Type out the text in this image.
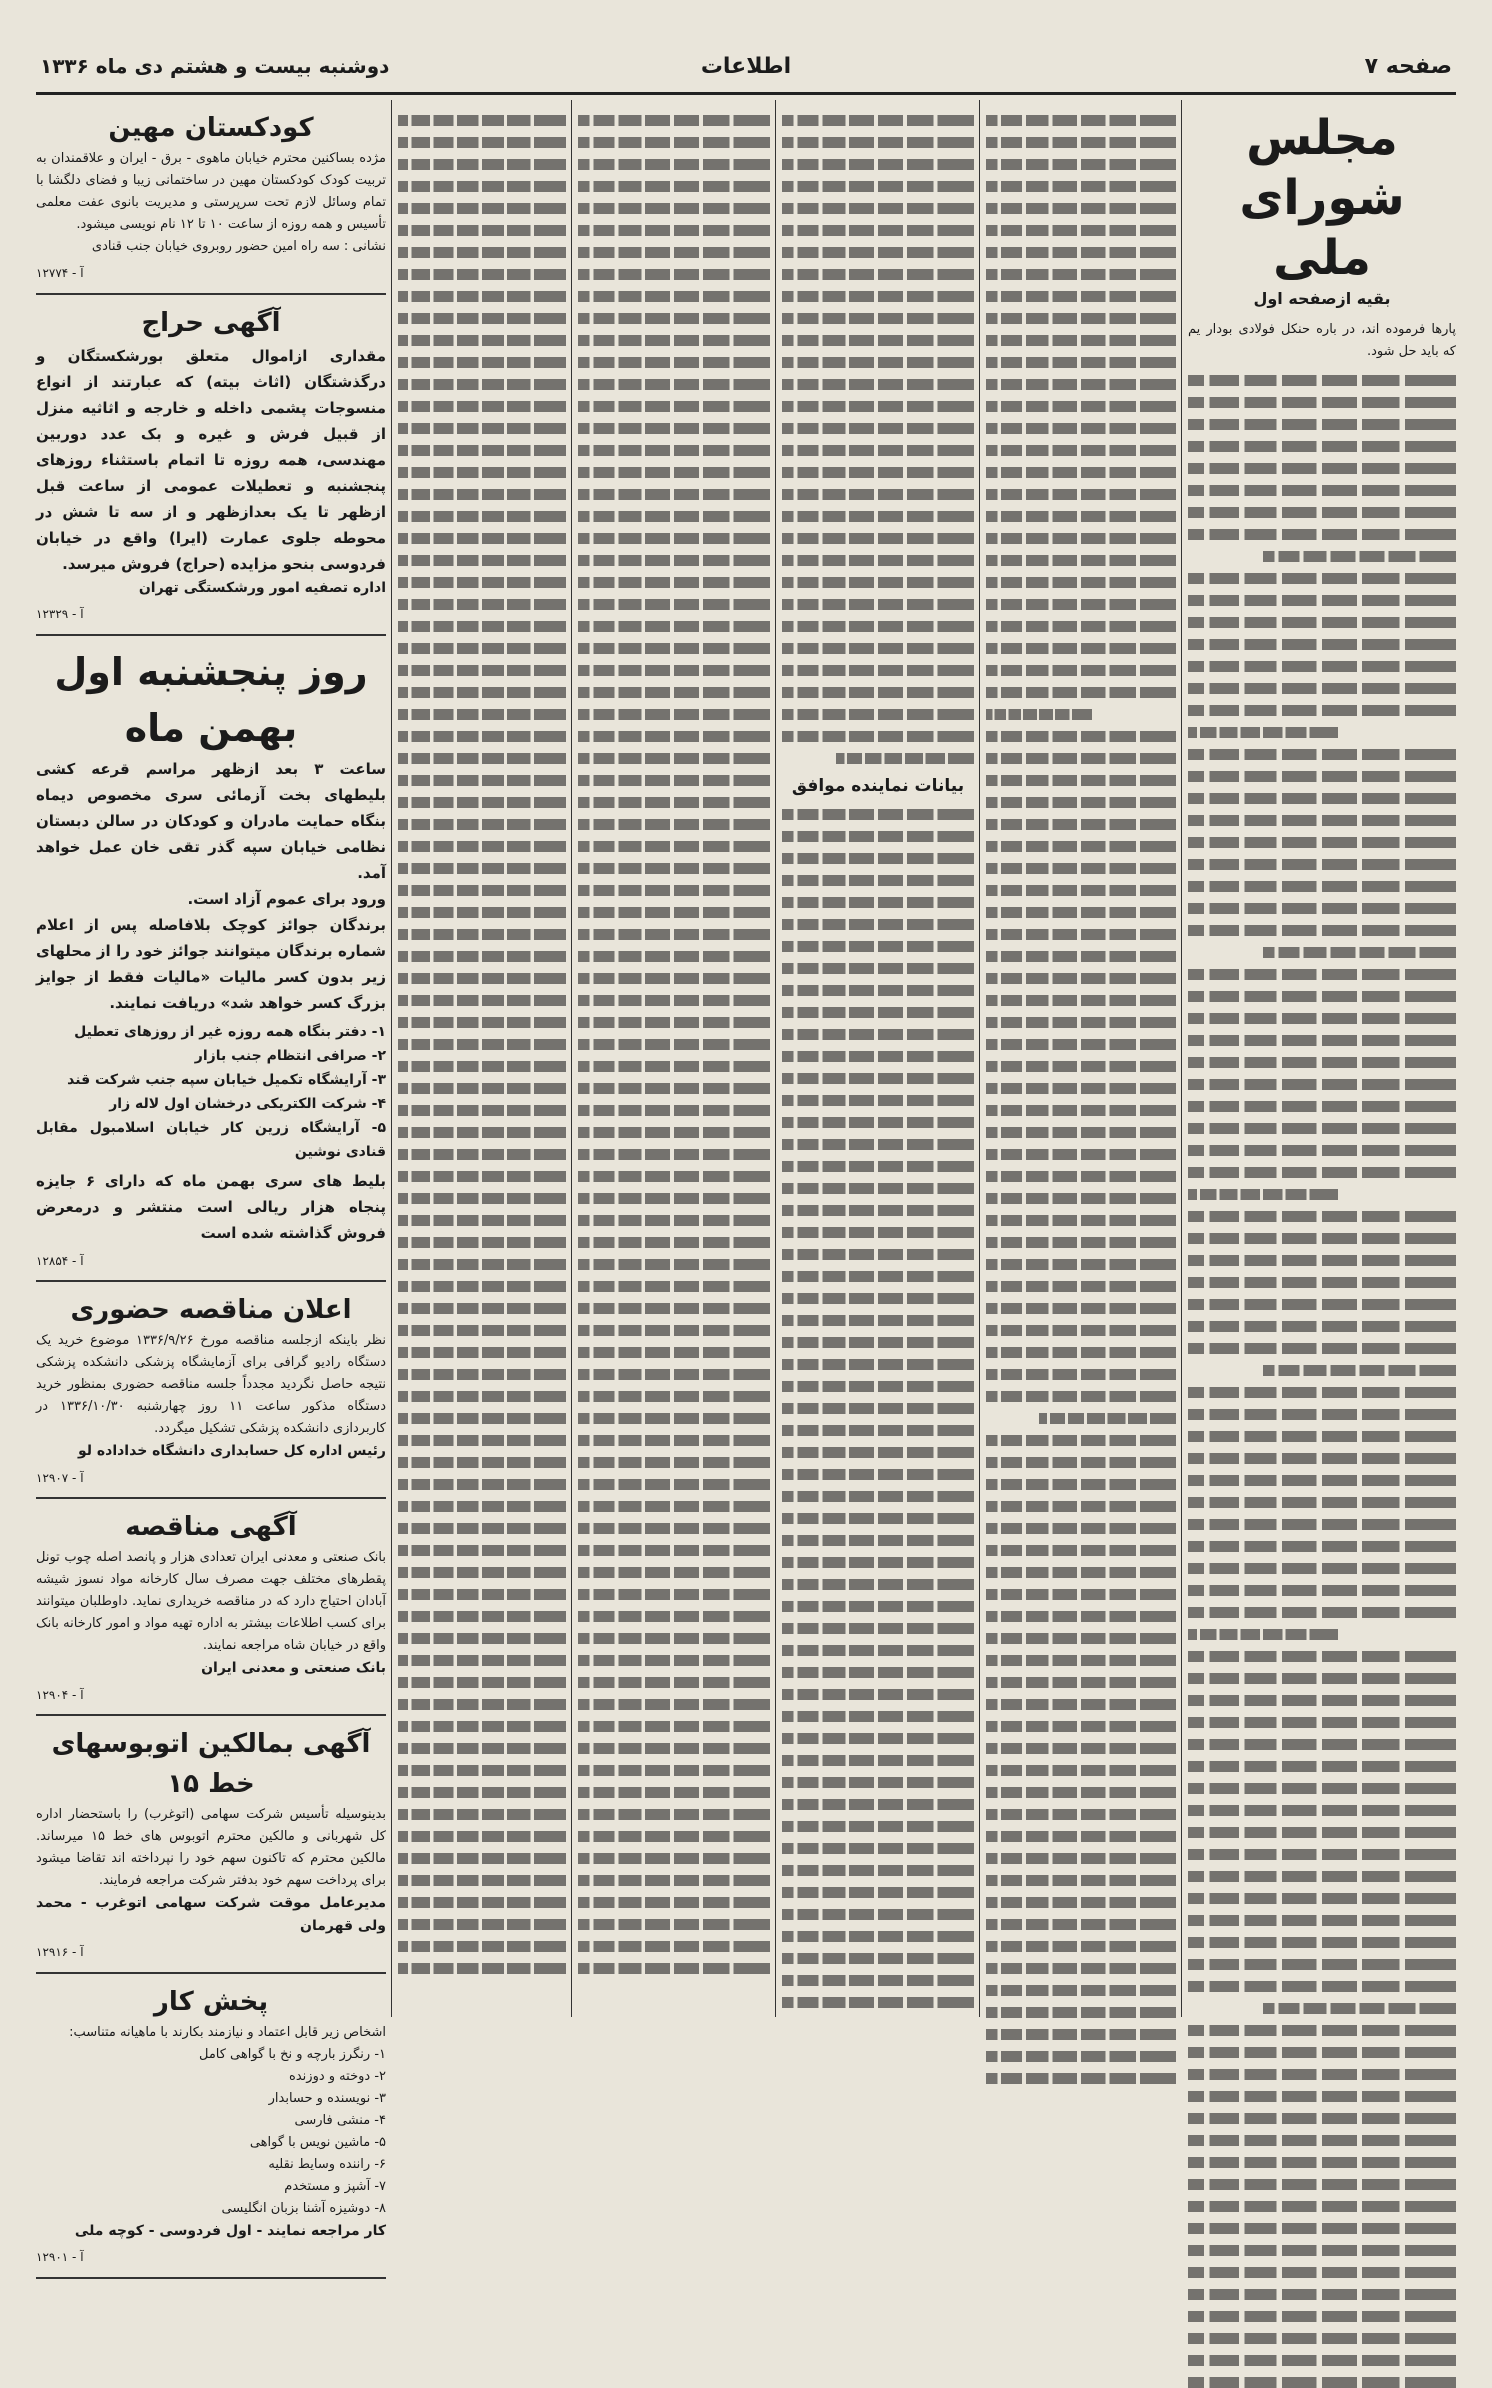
صفحه ۷
اطلاعات
دوشنبه بیست و هشتم دی ماه ۱۳۳۶
مجلس شورای ملی
بقیه ازصفحه اول

پارها فرموده اند، در باره حنکل فولادی بودار یم که باید حل شود.

بیانات نماینده موافق
کودکستان مهین
مژده بساکنین محترم خیابان ماهوی - برق - ایران و علاقمندان به تربیت کودک کودکستان مهین در ساختمانی زیبا و فضای دلگشا با تمام وسائل لازم تحت سرپرستی و مدیریت بانوی عفت معلمی تأسیس و همه روزه از ساعت ۱۰ تا ۱۲ نام نویسی میشود.
نشانی : سه راه امین حضور روبروی خیابان جنب قنادی
آ - ۱۲۷۷۴
آگهی حراج
مقداری ازاموال متعلق بورشکستگان و درگذشتگان (اثاث بیته) که عبارتند از انواع منسوجات پشمی داخله و خارجه و اثاثیه منزل از قبیل فرش و غیره و بک عدد دوربین مهندسی، همه روزه تا اتمام باستثناء روزهای پنجشنبه و تعطیلات عمومی از ساعت قبل ازظهر تا یک بعدازظهر و از سه تا شش در محوطه جلوی عمارت (ایرا) واقع در خیابان فردوسی بنحو مزایده (حراج) فروش میرسد.
اداره تصفیه امور ورشکستگی تهران
آ - ۱۲۳۲۹
روز پنجشنبه اول بهمن ماه
ساعت ۳ بعد ازظهر مراسم قرعه کشی بلیطهای بخت آزمائی سری مخصوص دیماه بنگاه حمایت مادران و کودکان در سالن دبستان نظامی خیابان سپه گذر تقی خان عمل خواهد آمد.
ورود برای عموم آزاد است.
برندگان جوائز کوچک بلافاصله پس از اعلام شماره برندگان میتوانند جوائز خود را از محلهای زیر بدون کسر مالیات «مالیات فقط از جوایز بزرگ کسر خواهد شد» دریافت نمایند.
۱- دفتر بنگاه همه روزه غیر از روزهای تعطیل
۲- صرافی انتظام جنب بازار
۳- آرایشگاه تکمیل خیابان سپه جنب شرکت قند
۴- شرکت الکتریکی درخشان اول لاله زار
۵- آرایشگاه زرین کار خیابان اسلامبول مقابل قنادی نوشین
بلیط های سری بهمن ماه که دارای ۶ جایزه پنجاه هزار ریالی است منتشر و درمعرض فروش گذاشته شده است
آ - ۱۲۸۵۴
اعلان مناقصه حضوری
نظر باینکه ازجلسه مناقصه مورخ ۱۳۳۶/۹/۲۶ موضوع خرید یک دستگاه رادیو گرافی برای آزمایشگاه پزشکی دانشکده پزشکی نتیجه حاصل نگردید مجدداً جلسه مناقصه حضوری بمنظور خرید دستگاه مذکور ساعت ۱۱ روز چهارشنبه ۱۳۳۶/۱۰/۳۰ در کاربردازی دانشکده پزشکی تشکیل میگردد.
رئیس اداره کل حسابداری دانشگاه خداداده لو
آ - ۱۲۹۰۷
آگهی مناقصه
بانک صنعتی و معدنی ایران تعدادی هزار و پانصد اصله چوب تونل پقطرهای مختلف جهت مصرف سال کارخانه مواد نسوز شیشه آبادان احتیاج دارد که در مناقصه خریداری نماید. داوطلبان میتوانند برای کسب اطلاعات بیشتر به اداره تهیه مواد و امور کارخانه بانک واقع در خیابان شاه مراجعه نمایند.
بانک صنعتی و معدنی ایران
آ - ۱۲۹۰۴
آگهی بمالکین اتوبوسهای خط ۱۵
بدینوسیله تأسیس شرکت سهامی (اتوغرب) را باستحضار اداره کل شهربانی و مالکین محترم اتوبوس های خط ۱۵ میرساند. مالکین محترم که تاکنون سهم خود را نپرداخته اند تقاضا میشود برای پرداخت سهم خود بدفتر شرکت مراجعه فرمایند.
مدیرعامل موقت شرکت سهامی اتوغرب - محمد ولی قهرمان
آ - ۱۲۹۱۶
پخش کار
اشخاص زیر قابل اعتماد و نیازمند بکارند با ماهیانه متناسب:
۱- رنگرز بارچه و نخ با گواهی کامل
۲- دوخته و دوزنده
۳- نویسنده و حسابدار
۴- منشی فارسی
۵- ماشین نویس با گواهی
۶- راننده وسایط نقلیه
۷- آشپز و مستخدم
۸- دوشیزه آشنا بزبان انگلیسی
کار مراجعه نمایند - اول فردوسی - کوچه ملی
آ - ۱۲۹۰۱
